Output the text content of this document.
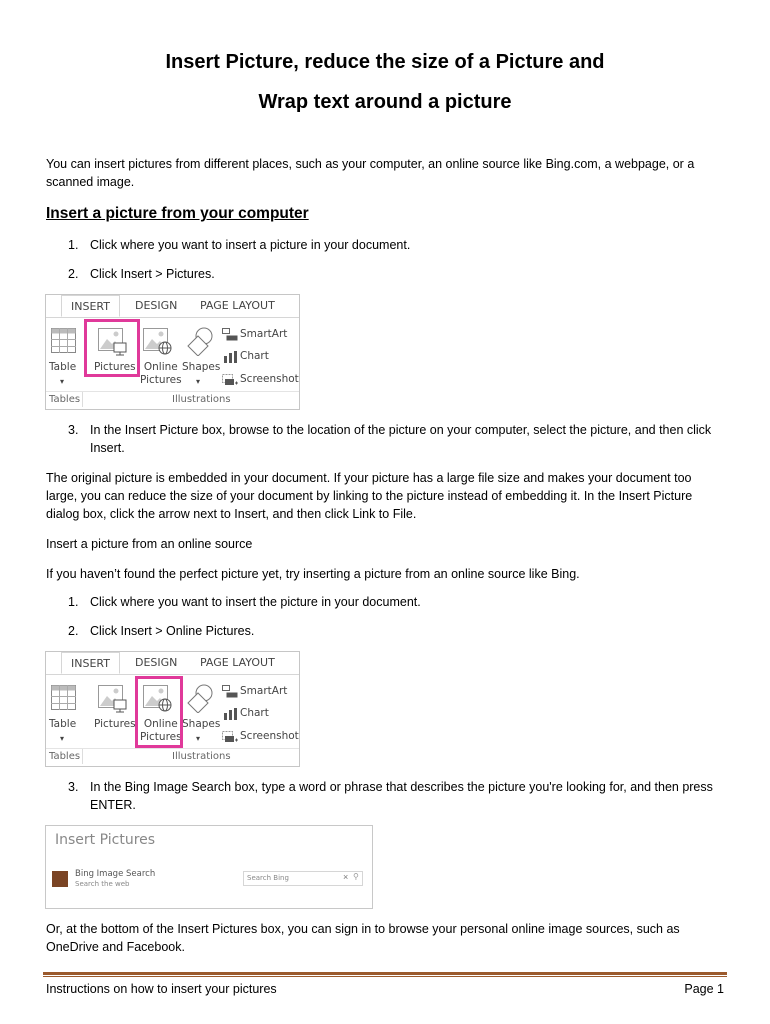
Insert Picture, reduce the size of a Picture and
Wrap text around a picture

You can insert pictures from different places, such as your computer, an online source like Bing.com, a webpage, or a scanned image.

Insert a picture from your computer
1. Click where you want to insert a picture in your document.
2. Click Insert > Pictures.
INSERT	DESIGN PAGE LAYOUT
Table
▾
Pictures Online
Pictures
Shapes
▾
SmartArt
Chart
Screenshot
Tables	Illustrations
3. In the Insert Picture box, browse to the location of the picture on your computer, select the picture, and then click Insert.

The original picture is embedded in your document. If your picture has a large file size and makes your document too large, you can reduce the size of your document by linking to the picture instead of embedding it. In the Insert Picture dialog box, click the arrow next to Insert, and then click Link to File.

Insert a picture from an online source

If you haven’t found the perfect picture yet, try inserting a picture from an online source like Bing.

1. Click where you want to insert the picture in your document.
2. Click Insert > Online Pictures.
INSERT	DESIGN PAGE LAYOUT
Table
▾
Pictures Online
Pictures
Shapes
▾
SmartArt
Chart
Screenshot
Tables	Illustrations
3. In the Bing Image Search box, type a word or phrase that describes the picture you're looking for, and then press ENTER.
Insert Pictures
Bing Image Search
Search the web
Search Bing	× ⚲

Or, at the bottom of the Insert Pictures box, you can sign in to browse your personal online image sources, such as OneDrive and Facebook.

Instructions on how to insert your pictures	Page 1
